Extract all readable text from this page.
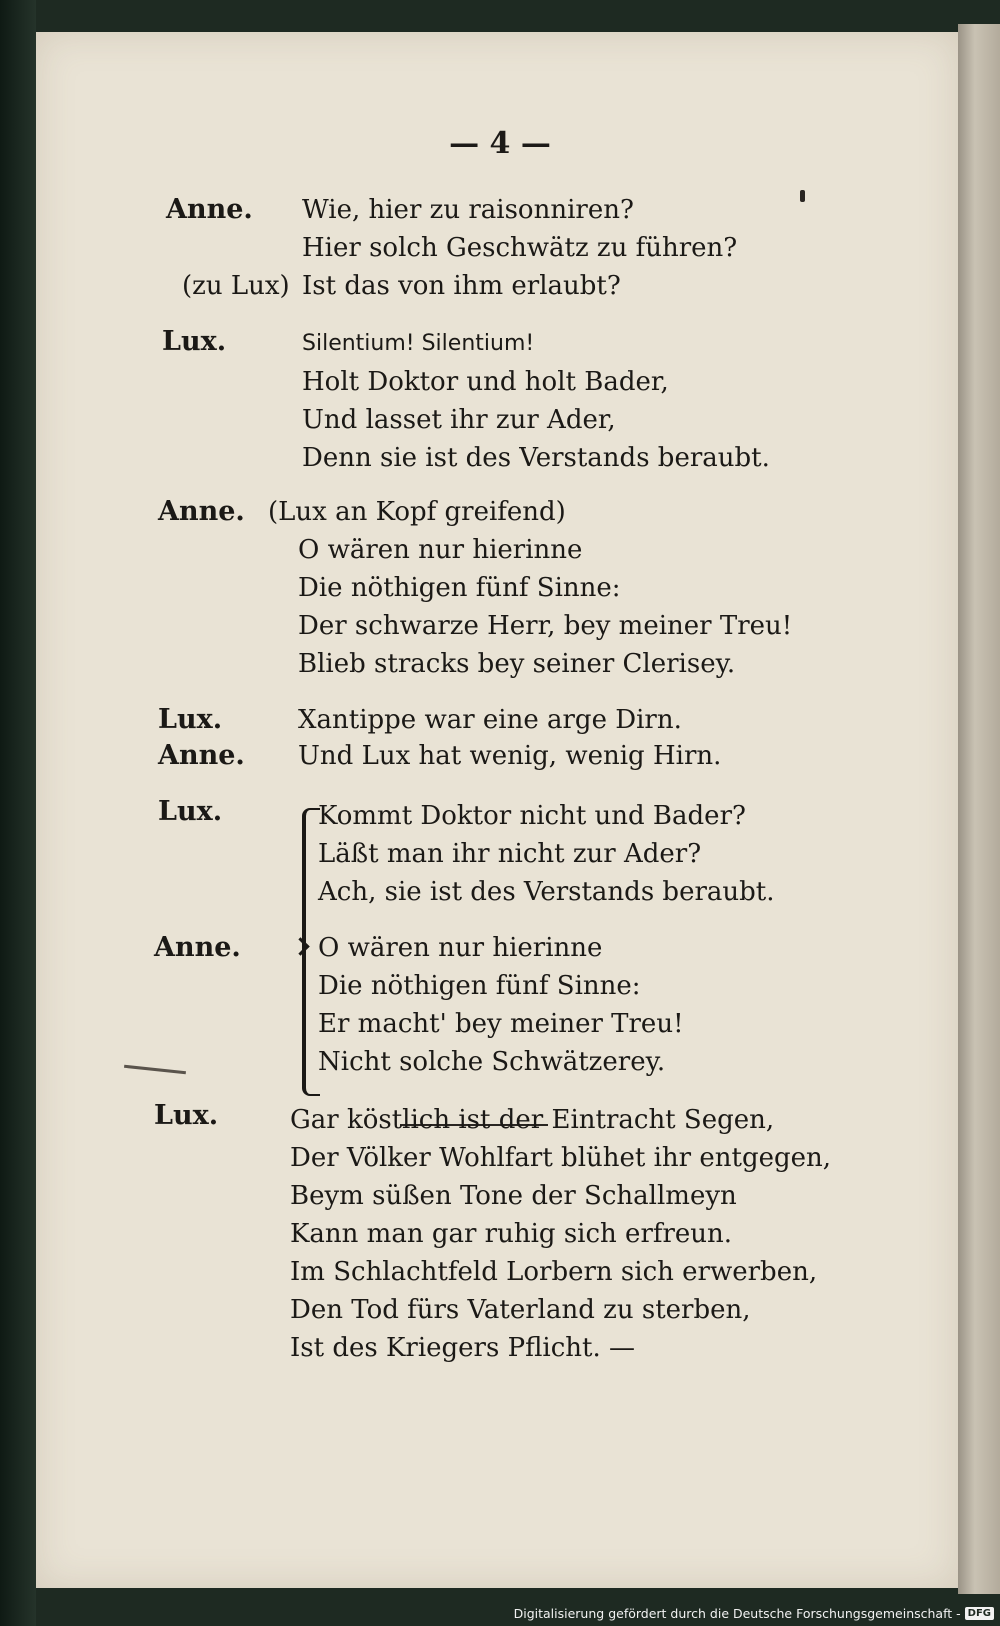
— 4 —
Anne. Wie, hier zu raisonniren?
Hier solch Geschwätz zu führen?
(zu Lux) Ist das von ihm erlaubt?
Lux.	Silentium! Silentium!
Holt Doktor und holt Bader,
Und lasset ihr zur Ader,
Denn sie ist des Verstands beraubt.
Anne. (Lux an Kopf greifend)
O wären nur hierinne
Die nöthigen fünf Sinne:
Der schwarze Herr, bey meiner Treu!
Blieb stracks bey seiner Clerisey.
Lux.	Xantippe war eine arge Dirn.
Anne. Und Lux hat wenig, wenig Hirn.
Lux.	Kommt Doktor nicht und Bader?
Läßt man ihr nicht zur Ader?
Ach, sie ist des Verstands beraubt.
Anne.	O wären nur hierinne
Die nöthigen fünf Sinne:
Er macht' bey meiner Treu!
Nicht solche Schwätzerey.
Lux.	Gar köstlich ist der Eintracht Segen,
Der Völker Wohlfart blühet ihr entgegen,
Beym süßen Tone der Schallmeyn
Kann man gar ruhig sich erfreun.
Im Schlachtfeld Lorbern sich erwerben,
Den Tod fürs Vaterland zu sterben,
Ist des Kriegers Pflicht. —
Digitalisierung gefördert durch die Deutsche Forschungsgemeinschaft - DFG
